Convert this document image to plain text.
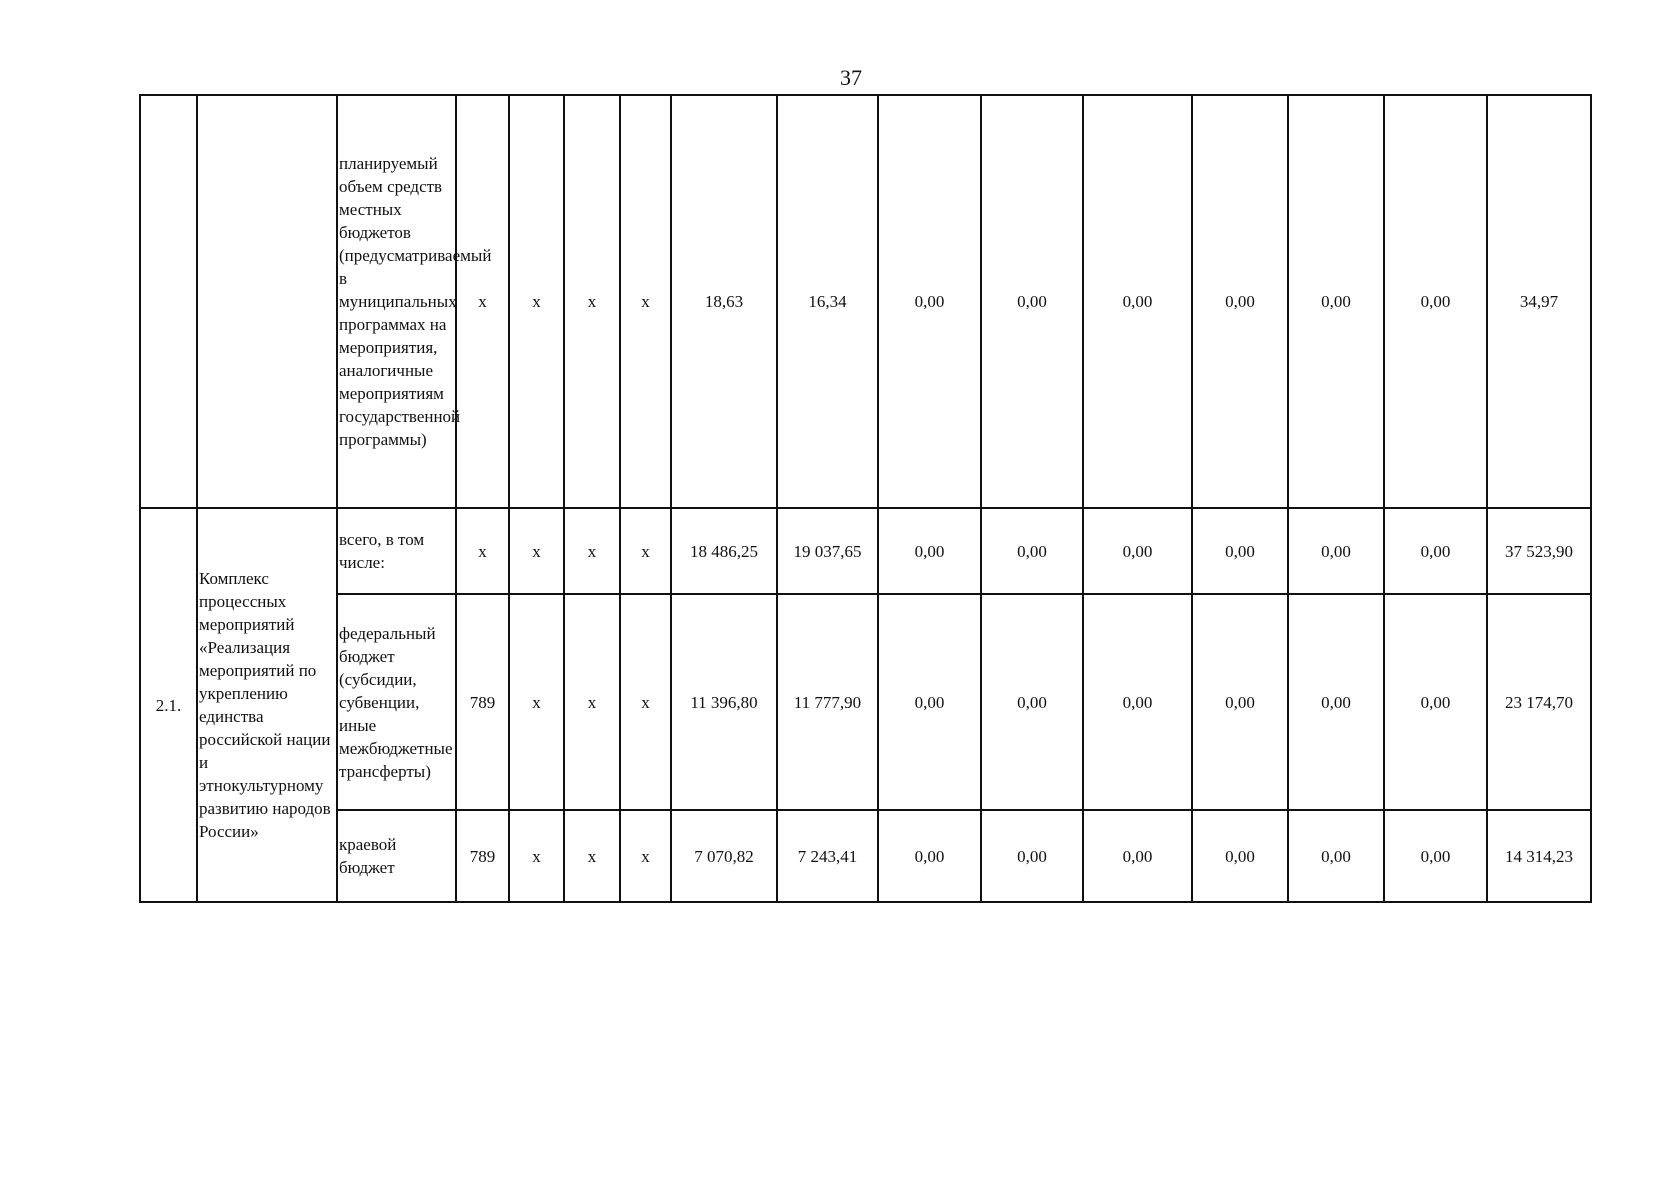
37
		планируемый объем средств местных бюджетов (предусматриваемый в муниципальных программах на мероприятия, аналогичные мероприятиям государственной программы)	x	x	x	x	18,63	16,34	0,00	0,00	0,00	0,00	0,00	0,00	34,97
2.1.	Комплекс процессных мероприятий «Реализация мероприятий по укреплению единства российской нации и этнокультурному развитию народов России»	всего, в том числе:	x	x	x	x	18 486,25	19 037,65	0,00	0,00	0,00	0,00	0,00	0,00	37 523,90
		федеральный бюджет (субсидии, субвенции, иные межбюджетные трансферты)	789	x	x	x	11 396,80	11 777,90	0,00	0,00	0,00	0,00	0,00	0,00	23 174,70
		краевой бюджет	789	x	x	x	7 070,82	7 243,41	0,00	0,00	0,00	0,00	0,00	0,00	14 314,23
